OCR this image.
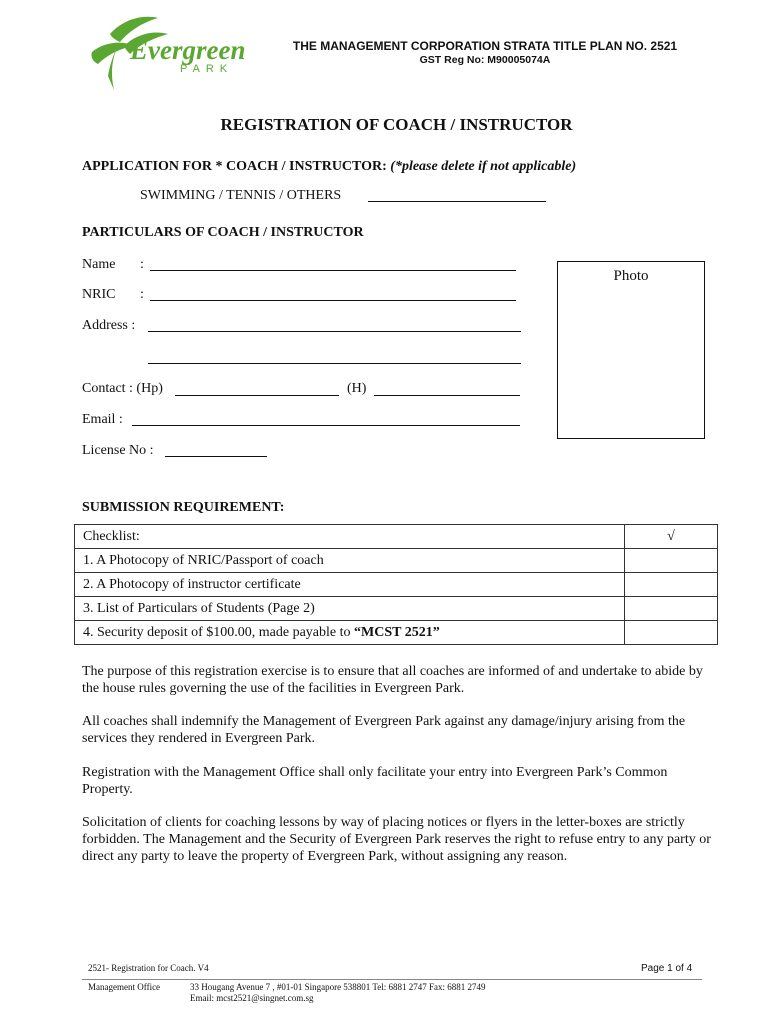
Evergreen
PARK
THE MANAGEMENT CORPORATION STRATA TITLE PLAN NO. 2521
GST Reg No: M90005074A
REGISTRATION OF COACH / INSTRUCTOR
APPLICATION FOR * COACH / INSTRUCTOR: (*please delete if not applicable)
SWIMMING / TENNIS / OTHERS
PARTICULARS OF COACH / INSTRUCTOR
Name :
NRIC :
Address :
Contact : (Hp)	(H)
Email :
License No :
Photo
SUBMISSION REQUIREMENT:
Checklist:	√
1. A Photocopy of NRIC/Passport of coach	
2. A Photocopy of instructor certificate	
3. List of Particulars of Students (Page 2)	
4. Security deposit of $100.00, made payable to “MCST 2521”	

The purpose of this registration exercise is to ensure that all coaches are informed of and undertake to abide by the house rules governing the use of the facilities in Evergreen Park.

All coaches shall indemnify the Management of Evergreen Park against any damage/injury arising from the services they rendered in Evergreen Park.

Registration with the Management Office shall only facilitate your entry into Evergreen Park’s Common Property.

Solicitation of clients for coaching lessons by way of placing notices or flyers in the letter-boxes are strictly forbidden. The Management and the Security of Evergreen Park reserves the right to refuse entry to any party or direct any party to leave the property of Evergreen Park, without assigning any reason.

2521- Registration for Coach. V4	Page 1 of 4
Management Office	33 Hougang Avenue 7 , #01-01 Singapore 538801 Tel: 6881 2747 Fax: 6881 2749
Email: mcst2521@singnet.com.sg
